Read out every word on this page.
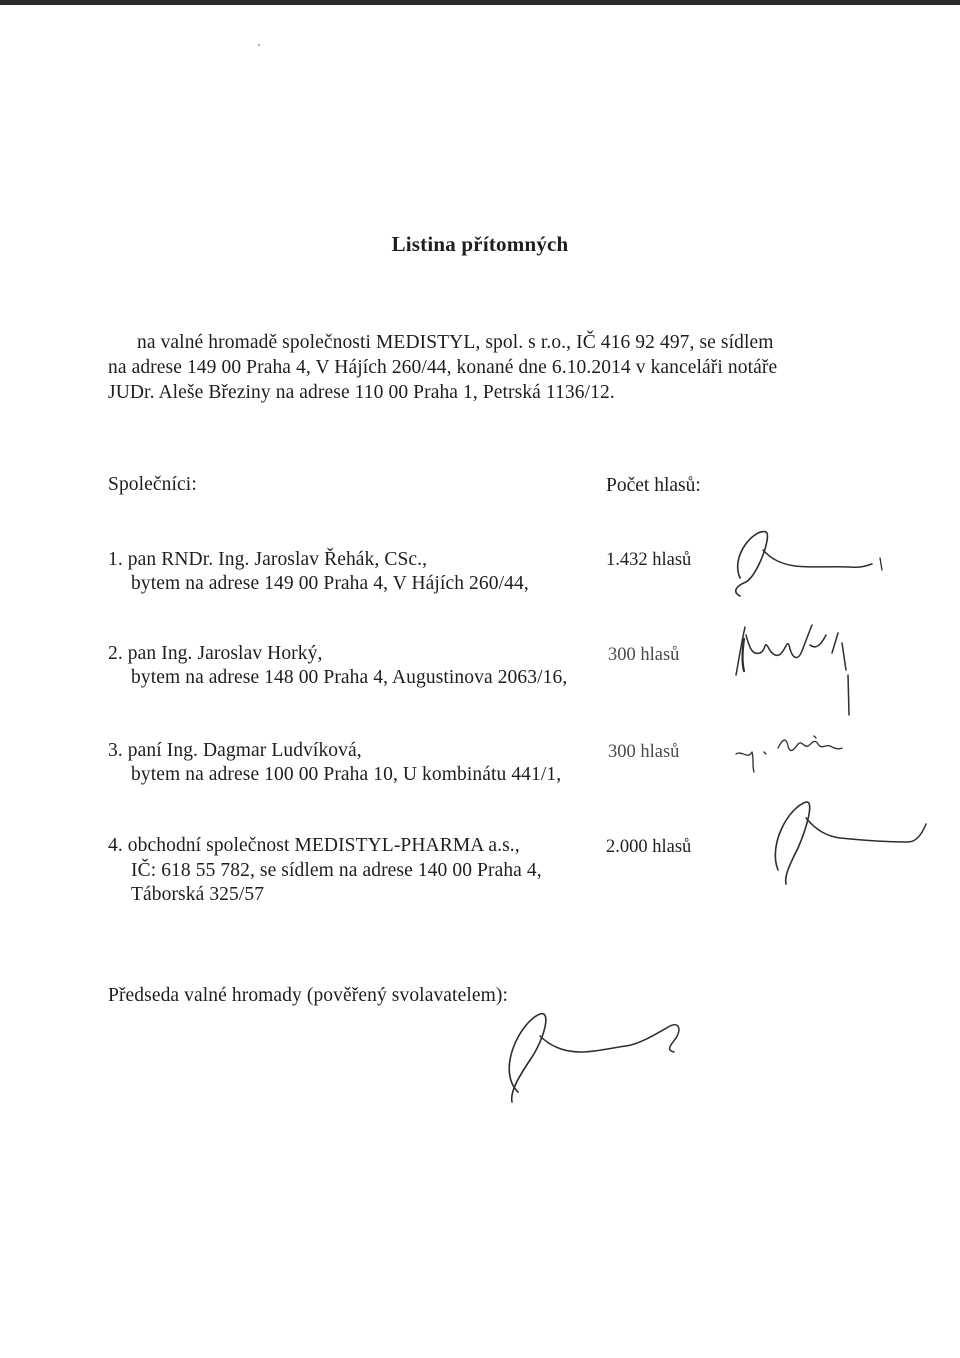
Listina přítomných
na valné hromadě společnosti MEDISTYL, spol. s r.o., IČ 416 92 497, se sídlem
na adrese 149 00 Praha 4, V Hájích 260/44, konané dne 6.10.2014 v kanceláři notáře
JUDr. Aleše Březiny na adrese 110 00 Praha 1, Petrská 1136/12.
Společníci:	Počet hlasů:
1. pan RNDr. Ing. Jaroslav Řehák, CSc.,
bytem na adrese 149 00 Praha 4, V Hájích 260/44,
1.432 hlasů
2. pan Ing. Jaroslav Horký,
bytem na adrese 148 00 Praha 4, Augustinova 2063/16,
300 hlasů
3. paní Ing. Dagmar Ludvíková,
bytem na adrese 100 00 Praha 10, U kombinátu 441/1,
300 hlasů
4. obchodní společnost MEDISTYL-PHARMA a.s.,
IČ: 618 55 782, se sídlem na adrese 140 00 Praha 4,
Táborská 325/57
2.000 hlasů
Předseda valné hromady (pověřený svolavatelem):
